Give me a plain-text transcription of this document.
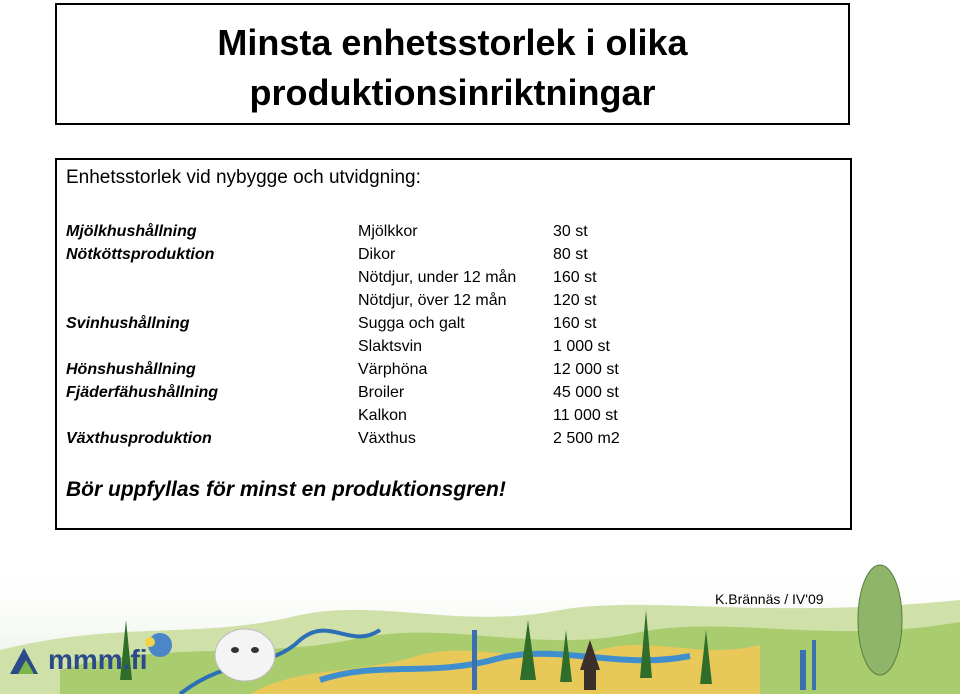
Minsta enhetsstorlek i olika
produktionsinriktningar
Enhetsstorlek vid nybygge och utvidgning:
Mjölkhushållning	Mjölkkor	30 st
Nötköttsproduktion	Dikor	80 st
Nötdjur, under 12 mån 160 st
Nötdjur, över 12 mån	120 st
Svinhushållning	Sugga och galt	160 st
Slaktsvin	1 000 st
Hönshushållning	Värphöna	12 000 st
Fjäderfähushållning	Broiler	45 000 st
Kalkon	11 000 st
Växthusproduktion	Växthus	2 500 m2
Bör uppfyllas för minst en produktionsgren!
K.Brännäs / IV'09
mmm.fi
